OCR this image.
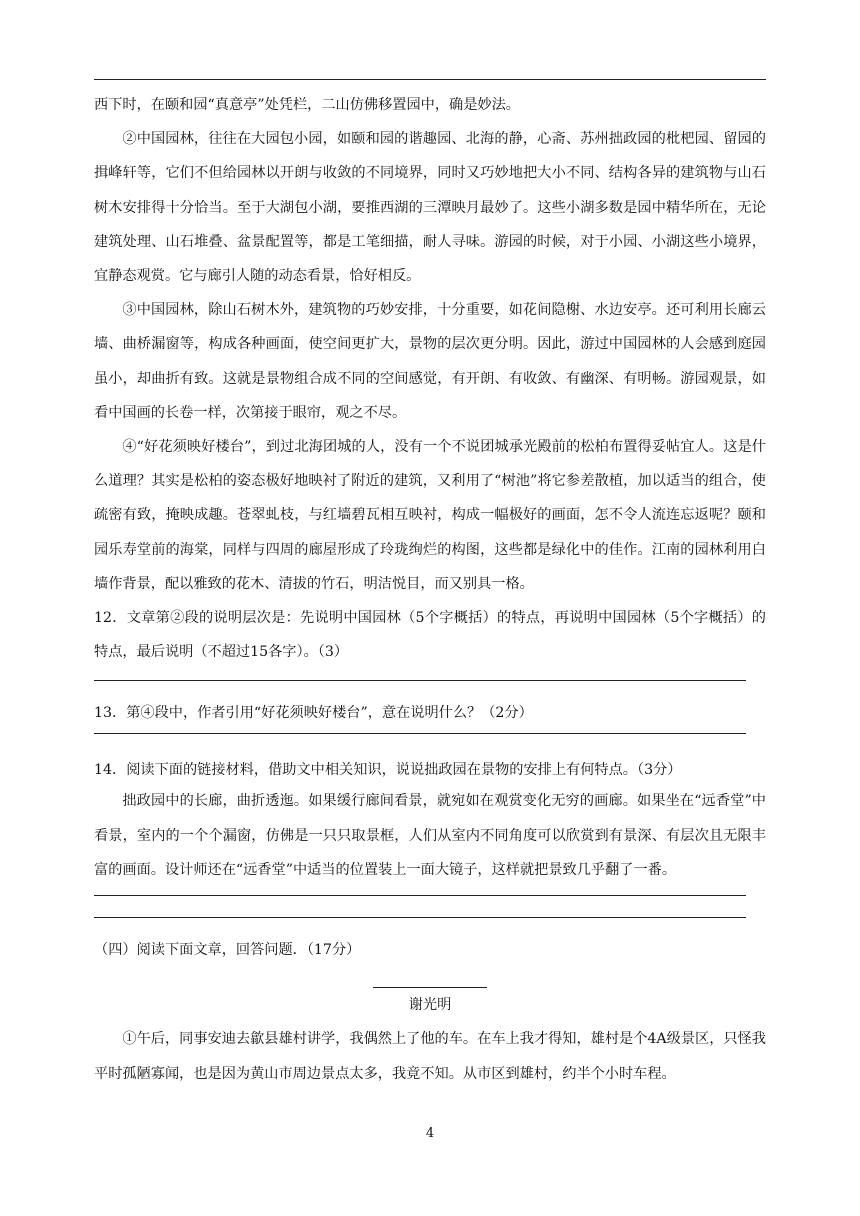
西下时，在颐和园“真意亭”处凭栏，二山仿佛移置园中，确是妙法。

②中国园林，往往在大园包小园，如颐和园的谐趣园、北海的静，心斋、苏州拙政园的枇杷园、留园的揖峰轩等，它们不但给园林以开朗与收敛的不同境界，同时又巧妙地把大小不同、结构各异的建筑物与山石树木安排得十分恰当。至于大湖包小湖，要推西湖的三潭映月最妙了。这些小湖多数是园中精华所在，无论建筑处理、山石堆叠、盆景配置等，都是工笔细描，耐人寻味。游园的时候，对于小园、小湖这些小境界，宜静态观赏。它与廊引人随的动态看景，恰好相反。

③中国园林，除山石树木外，建筑物的巧妙安排，十分重要，如花间隐榭、水边安亭。还可利用长廊云墙、曲桥漏窗等，构成各种画面，使空间更扩大，景物的层次更分明。因此，游过中国园林的人会感到庭园虽小，却曲折有致。这就是景物组合成不同的空间感觉，有开朗、有收敛、有幽深、有明畅。游园观景，如看中国画的长卷一样，次第接于眼帘，观之不尽。

④“好花须映好楼台”，到过北海团城的人，没有一个不说团城承光殿前的松柏布置得妥帖宜人。这是什么道理？其实是松柏的姿态极好地映衬了附近的建筑，又利用了“树池”将它参差散植，加以适当的组合，使疏密有致，掩映成趣。苍翠虬枝，与红墙碧瓦相互映衬，构成一幅极好的画面，怎不令人流连忘返呢？颐和园乐寿堂前的海棠，同样与四周的廊屋形成了玲珑绚烂的构图，这些都是绿化中的佳作。江南的园林利用白墙作背景，配以雅致的花木、清拔的竹石，明洁悦目，而又别具一格。

12．文章第②段的说明层次是：先说明中国园林（5个字概括）的特点，再说明中国园林（5个字概括）的特点，最后说明（不超过15各字）。（3）

13．第④段中，作者引用“好花须映好楼台”，意在说明什么？（2分）

14．阅读下面的链接材料，借助文中相关知识，说说拙政园在景物的安排上有何特点。（3分）

拙政园中的长廊，曲折透迤。如果缓行廊间看景，就宛如在观赏变化无穷的画廊。如果坐在“远香堂”中看景，室内的一个个漏窗，仿佛是一只只取景框，人们从室内不同角度可以欣赏到有景深、有层次且无限丰富的画面。设计师还在“远香堂”中适当的位置装上一面大镜子，这样就把景致几乎翻了一番。

（四）阅读下面文章，回答问题．（17分）

谢光明

①午后，同事安迪去歙县雄村讲学，我偶然上了他的车。在车上我才得知，雄村是个4A级景区，只怪我平时孤陋寡闻，也是因为黄山市周边景点太多，我竟不知。从市区到雄村，约半个小时车程。

4
